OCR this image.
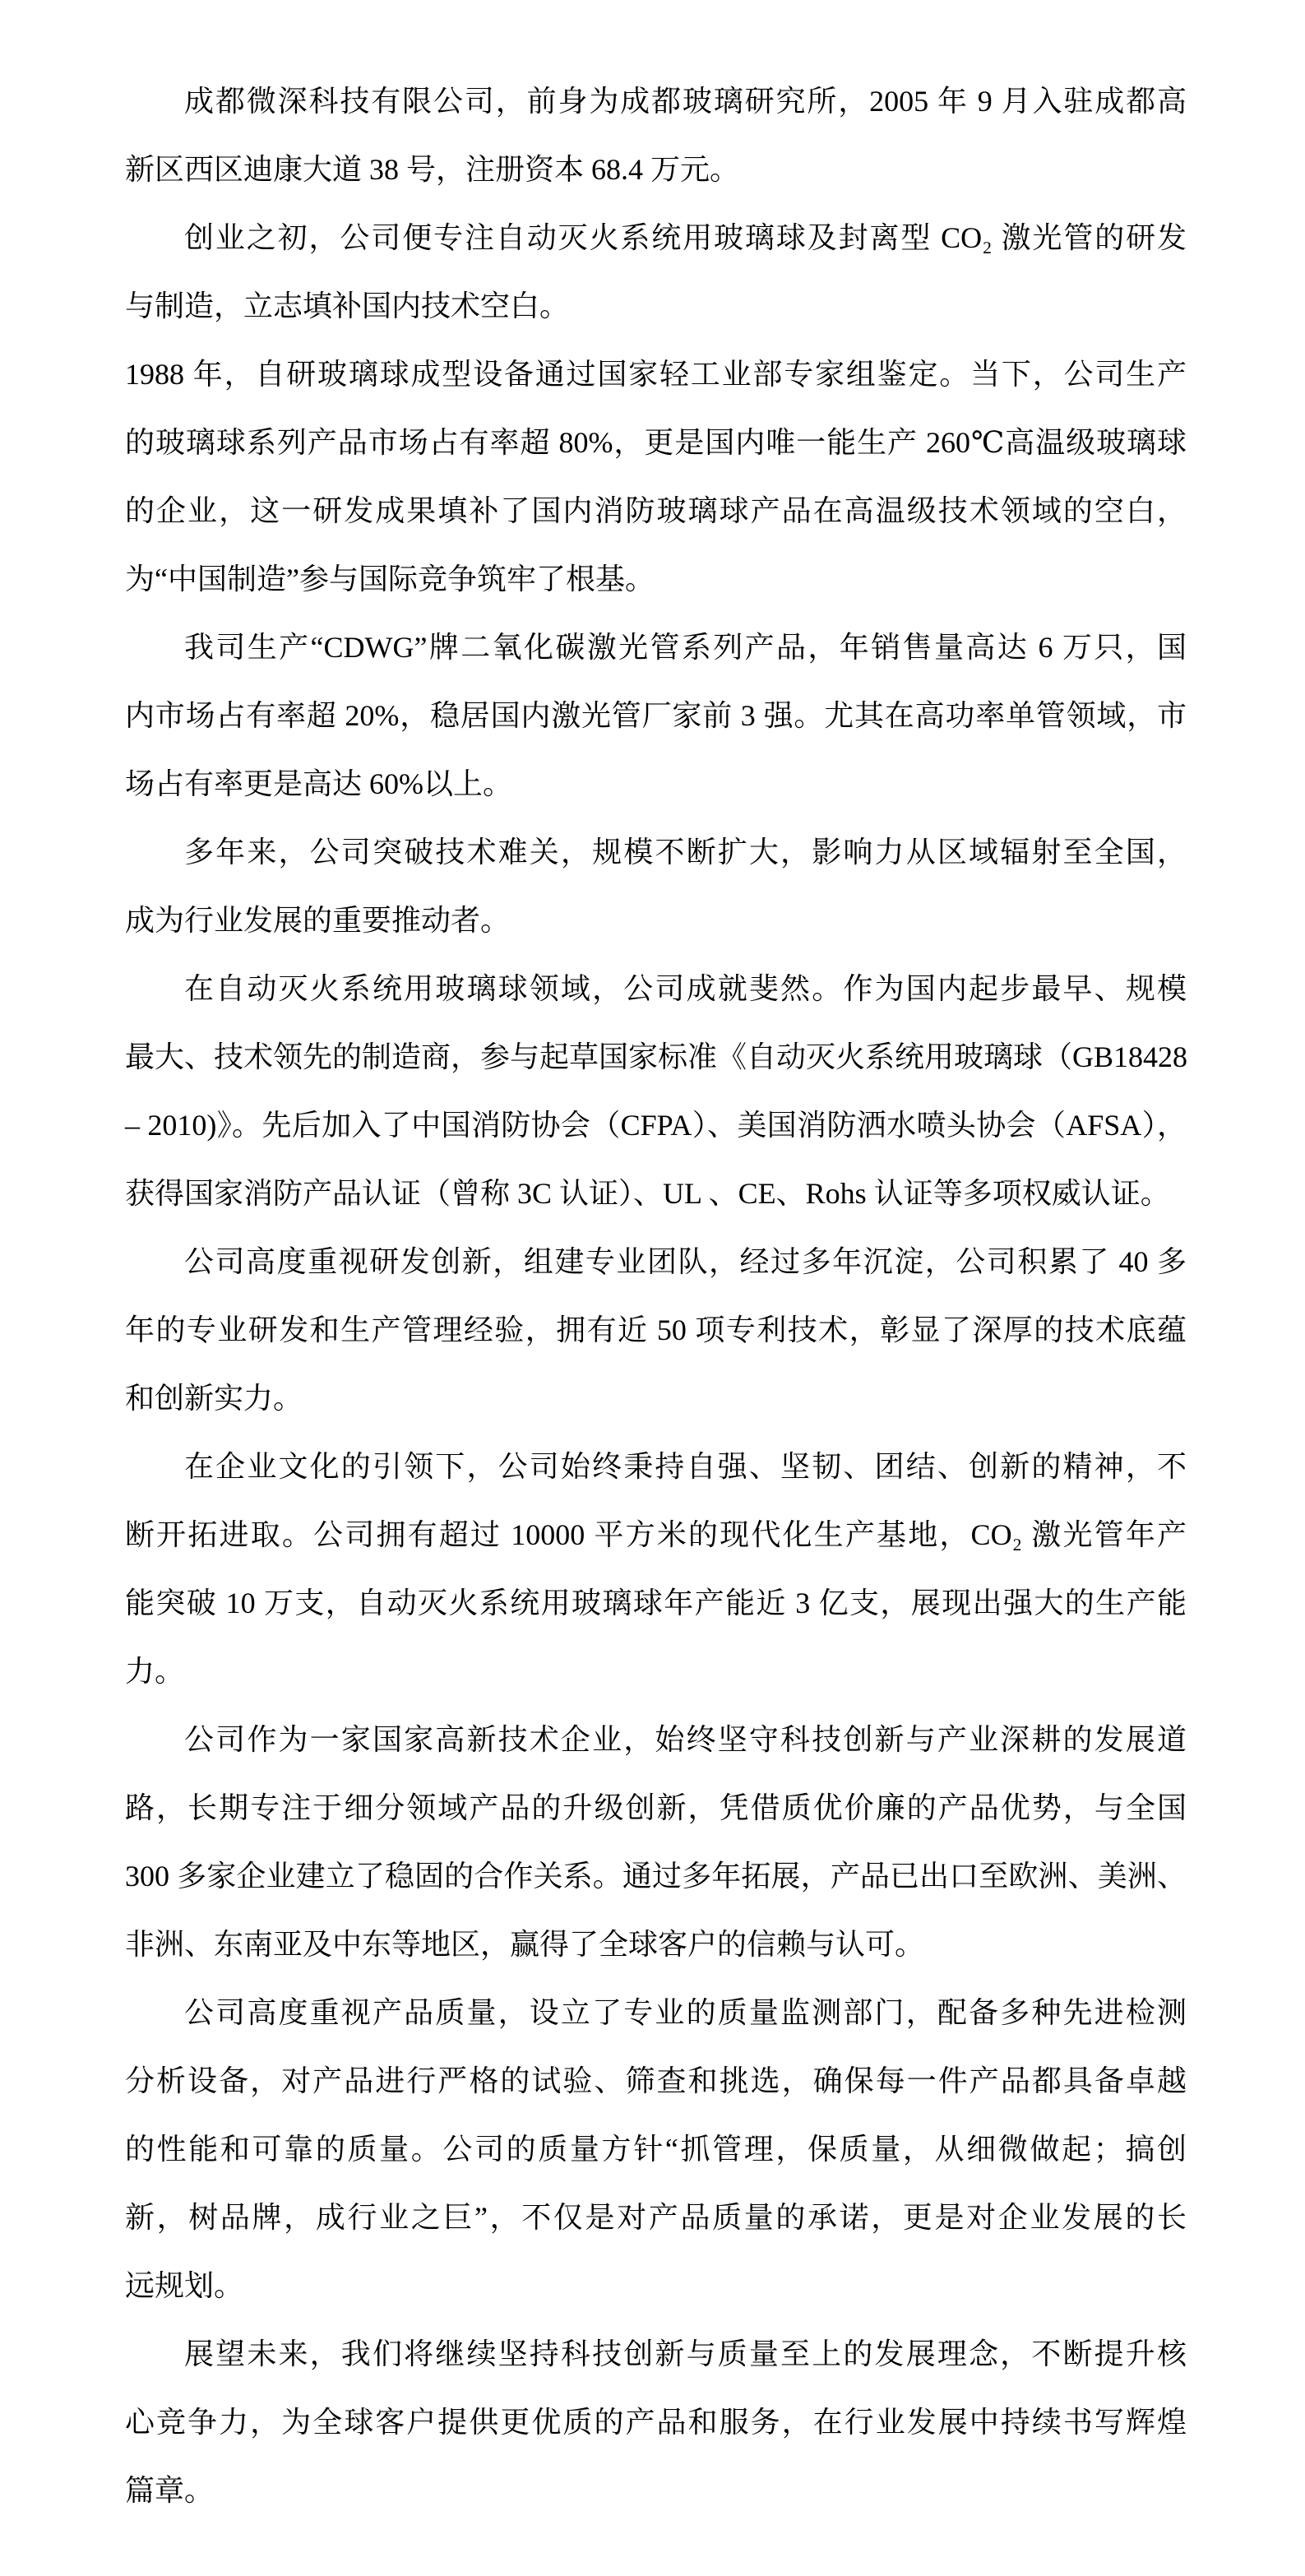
成都微深科技有限公司，前身为成都玻璃研究所，2005 年 9 月入驻成都高
新区西区迪康大道 38 号，注册资本 68.4 万元。

创业之初，公司便专注自动灭火系统用玻璃球及封离型 CO₂ 激光管的研发
与制造，立志填补国内技术空白。

1988 年，自研玻璃球成型设备通过国家轻工业部专家组鉴定。当下，公司生产
的玻璃球系列产品市场占有率超 80%，更是国内唯一能生产 260℃高温级玻璃球
的企业，这一研发成果填补了国内消防玻璃球产品在高温级技术领域的空白，
为“中国制造”参与国际竞争筑牢了根基。

我司生产“CDWG”牌二氧化碳激光管系列产品，年销售量高达 6 万只，国
内市场占有率超 20%，稳居国内激光管厂家前 3 强。尤其在高功率单管领域，市
场占有率更是高达 60%以上。

多年来，公司突破技术难关，规模不断扩大，影响力从区域辐射至全国，
成为行业发展的重要推动者。

在自动灭火系统用玻璃球领域，公司成就斐然。作为国内起步最早、规模
最大、技术领先的制造商，参与起草国家标准《自动灭火系统用玻璃球（GB18428
– 2010)》。先后加入了中国消防协会（CFPA）、美国消防洒水喷头协会（AFSA），
获得国家消防产品认证（曾称 3C 认证）、UL 、CE、Rohs 认证等多项权威认证。

公司高度重视研发创新，组建专业团队，经过多年沉淀，公司积累了 40 多
年的专业研发和生产管理经验，拥有近 50 项专利技术，彰显了深厚的技术底蕴
和创新实力。

在企业文化的引领下，公司始终秉持自强、坚韧、团结、创新的精神，不
断开拓进取。公司拥有超过 10000 平方米的现代化生产基地，CO₂ 激光管年产
能突破 10 万支，自动灭火系统用玻璃球年产能近 3 亿支，展现出强大的生产能
力。

公司作为一家国家高新技术企业，始终坚守科技创新与产业深耕的发展道
路，长期专注于细分领域产品的升级创新，凭借质优价廉的产品优势，与全国
300 多家企业建立了稳固的合作关系。通过多年拓展，产品已出口至欧洲、美洲、
非洲、东南亚及中东等地区，赢得了全球客户的信赖与认可。

公司高度重视产品质量，设立了专业的质量监测部门，配备多种先进检测
分析设备，对产品进行严格的试验、筛查和挑选，确保每一件产品都具备卓越
的性能和可靠的质量。公司的质量方针“抓管理，保质量，从细微做起；搞创
新，树品牌，成行业之巨”，不仅是对产品质量的承诺，更是对企业发展的长
远规划。

展望未来，我们将继续坚持科技创新与质量至上的发展理念，不断提升核
心竞争力，为全球客户提供更优质的产品和服务，在行业发展中持续书写辉煌
篇章。
